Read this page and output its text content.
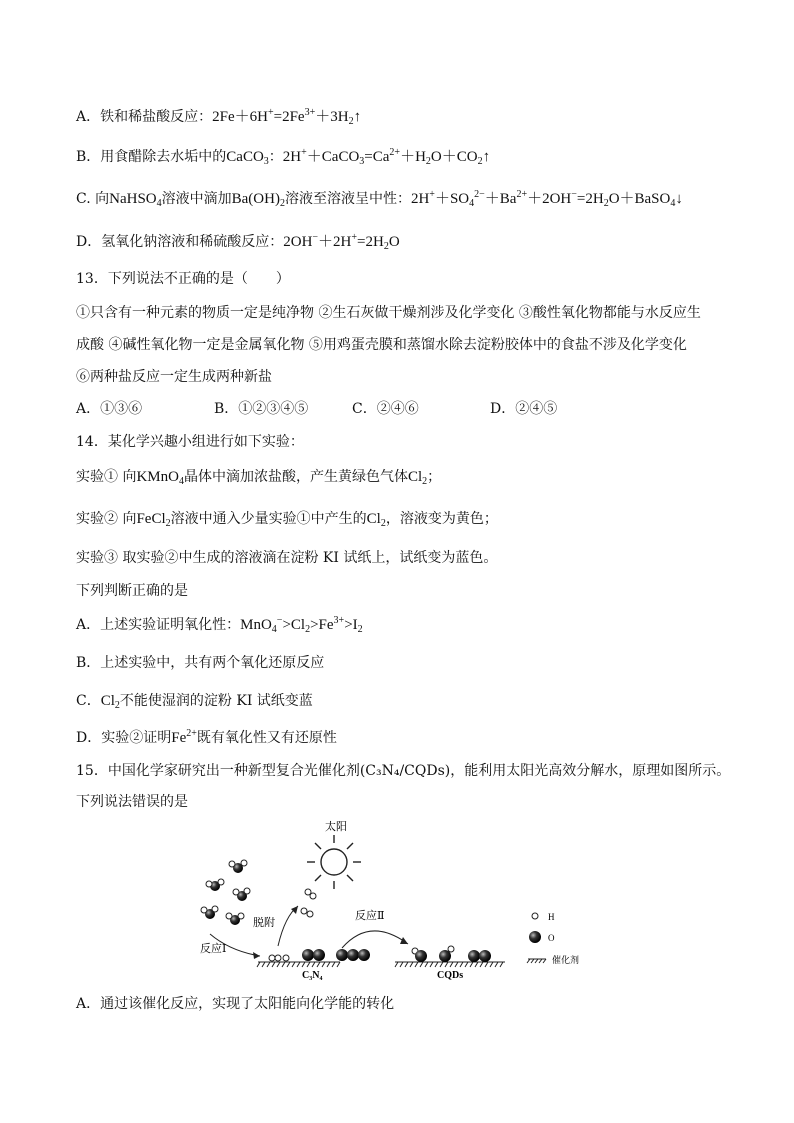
A．铁和稀盐酸反应：$2Fe+6H^+=2Fe^{3+}+3H_2↑$
B．用食醋除去水垢中的CaCO$_3$：$2H^++CaCO_3=Ca^{2+}+H_2O+CO_2↑$
C. 向NaHSO$_4$溶液中滴加$Ba(OH)_2$溶液至溶液呈中性：$2H^++SO_4^{2-}+Ba^{2+}+2OH^-=2H_2O+BaSO_4↓$
D．氢氧化钠溶液和稀硫酸反应：$2OH^-+2H^+=2H_2O$
13．下列说法不正确的是（　　）
①只含有一种元素的物质一定是纯净物 ②生石灰做干燥剂涉及化学变化 ③酸性氧化物都能与水反应生
成酸 ④碱性氧化物一定是金属氧化物 ⑤用鸡蛋壳膜和蒸馏水除去淀粉胶体中的食盐不涉及化学变化
⑥两种盐反应一定生成两种新盐
A．①③⑥	B．①②③④⑤	C．②④⑥	D．②④⑤
14．某化学兴趣小组进行如下实验：
实验① 向KMnO$_4$晶体中滴加浓盐酸，产生黄绿色气体$Cl_2$；
实验② 向FeCl$_2$溶液中通入少量实验①中产生的$Cl_2$，溶液变为黄色；
实验③ 取实验②中生成的溶液滴在淀粉 KI 试纸上，试纸变为蓝色。
下列判断正确的是
A．上述实验证明氧化性：$MnO_4^->Cl_2>Fe^{3+}>I_2$
B．上述实验中，共有两个氧化还原反应
C．$Cl_2$不能使湿润的淀粉 KI 试纸变蓝
D．实验②证明$Fe^{2+}$既有氧化性又有还原性
15．中国化学家研究出一种新型复合光催化剂(C₃N₄/CQDs)，能利用太阳光高效分解水，原理如图所示。
下列说法错误的是
太阳
反应Ⅰ
脱附
反应Ⅱ
C₃N₄	CQDs
H
O
催化剂
A．通过该催化反应，实现了太阳能向化学能的转化
